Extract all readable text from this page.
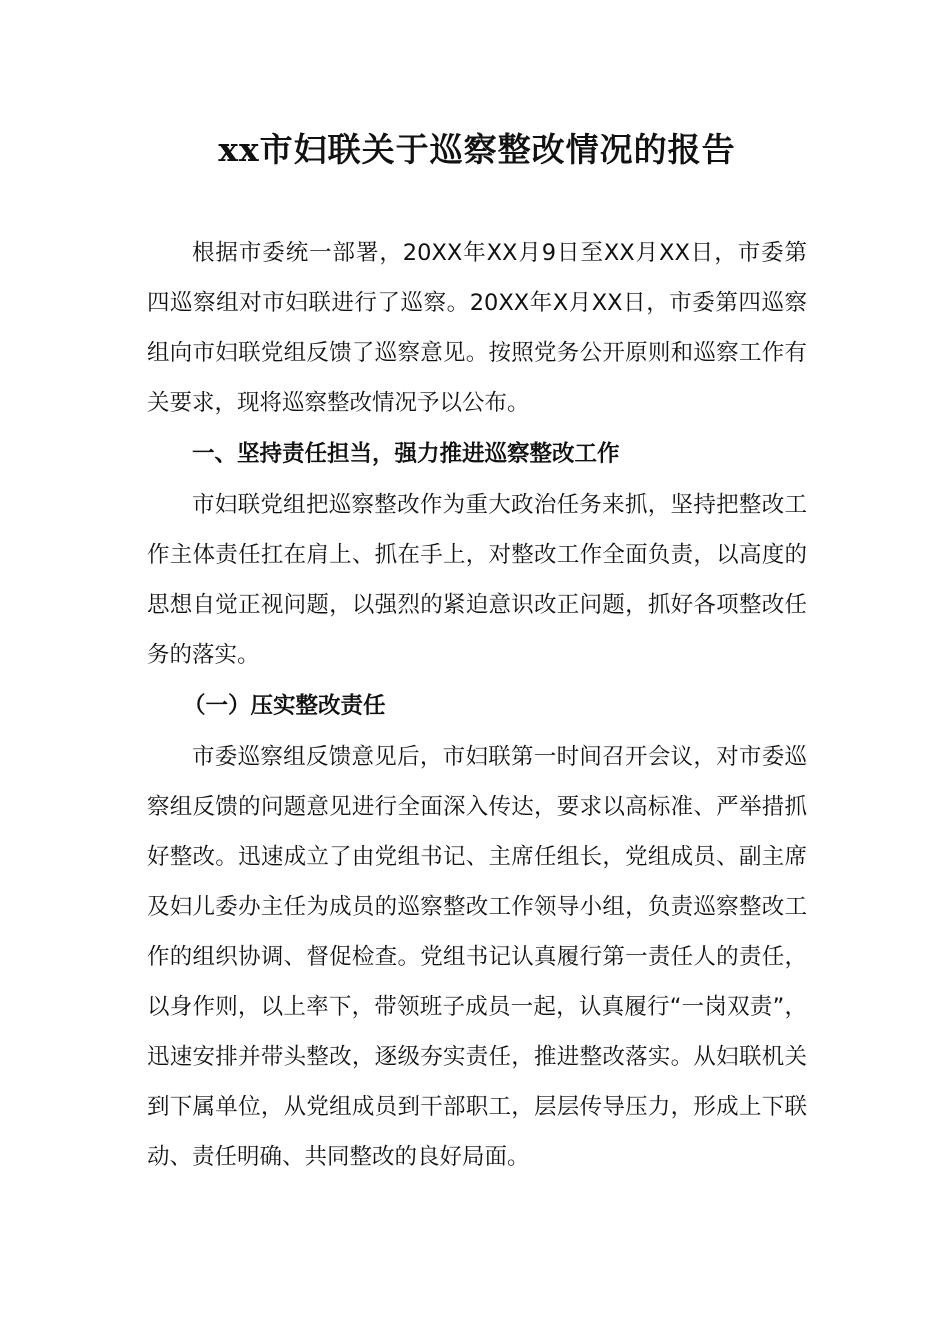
xx市妇联关于巡察整改情况的报告

根据市委统一部署，20XX年XX月9日至XX月XX日，市委第四巡察组对市妇联进行了巡察。20XX年X月XX日，市委第四巡察组向市妇联党组反馈了巡察意见。按照党务公开原则和巡察工作有关要求，现将巡察整改情况予以公布。

一、坚持责任担当，强力推进巡察整改工作

市妇联党组把巡察整改作为重大政治任务来抓，坚持把整改工作主体责任扛在肩上、抓在手上，对整改工作全面负责，以高度的思想自觉正视问题，以强烈的紧迫意识改正问题，抓好各项整改任务的落实。

（一）压实整改责任

市委巡察组反馈意见后，市妇联第一时间召开会议，对市委巡察组反馈的问题意见进行全面深入传达，要求以高标准、严举措抓好整改。迅速成立了由党组书记、主席任组长，党组成员、副主席及妇儿委办主任为成员的巡察整改工作领导小组，负责巡察整改工作的组织协调、督促检查。党组书记认真履行第一责任人的责任，以身作则，以上率下，带领班子成员一起，认真履行“一岗双责”，迅速安排并带头整改，逐级夯实责任，推进整改落实。从妇联机关到下属单位，从党组成员到干部职工，层层传导压力，形成上下联动、责任明确、共同整改的良好局面。
